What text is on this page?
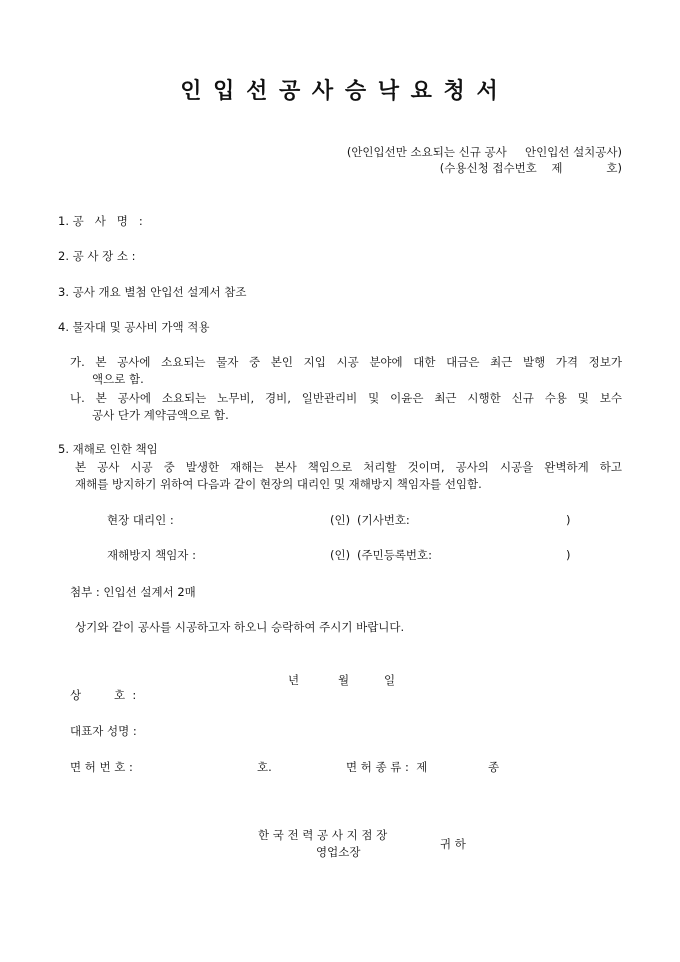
인 입 선 공 사 승 낙 요 청 서
(안인입선만 소요되는 신규 공사     안인입선 설치공사)
(수용신청 접수번호    제            호)
1. 공   사   명   :
2. 공 사 장 소 :
3. 공사 개요 별첨 안입선 설계서 참조
4. 물자대 및 공사비 가액 적용
가. 본 공사에 소요되는 물자 중 본인 지입 시공 분야에 대한 대금은 최근 발행 가격 정보가
액으로 함.
나. 본 공사에 소요되는 노무비, 경비, 일반관리비 및 이윤은 최근 시행한 신규 수용 및 보수
공사 단가 계약금액으로 함.
5. 재해로 인한 책임
본 공사 시공 중 발생한 재해는 본사 책임으로 처리할 것이며, 공사의 시공을 완벽하게 하고
재해를 방지하기 위하여 다음과 같이 현장의 대리인 및 재해방지 책임자를 선임함.
현장 대리인 :	(인) (기사번호:	)
재해방지 책임자 :	(인) (주민등록번호:	)
첨부 : 인입선 설계서 2매
상기와 같이 공사를 시공하고자 하오니 승락하여 주시기 바랍니다.
년	월	일
상         호  :
대표자 성명 :
면 허 번 호 :	호.	면 허 종 류 :  제	종
한 국 전 력 공 사 지 점 장
영업소장
귀 하
